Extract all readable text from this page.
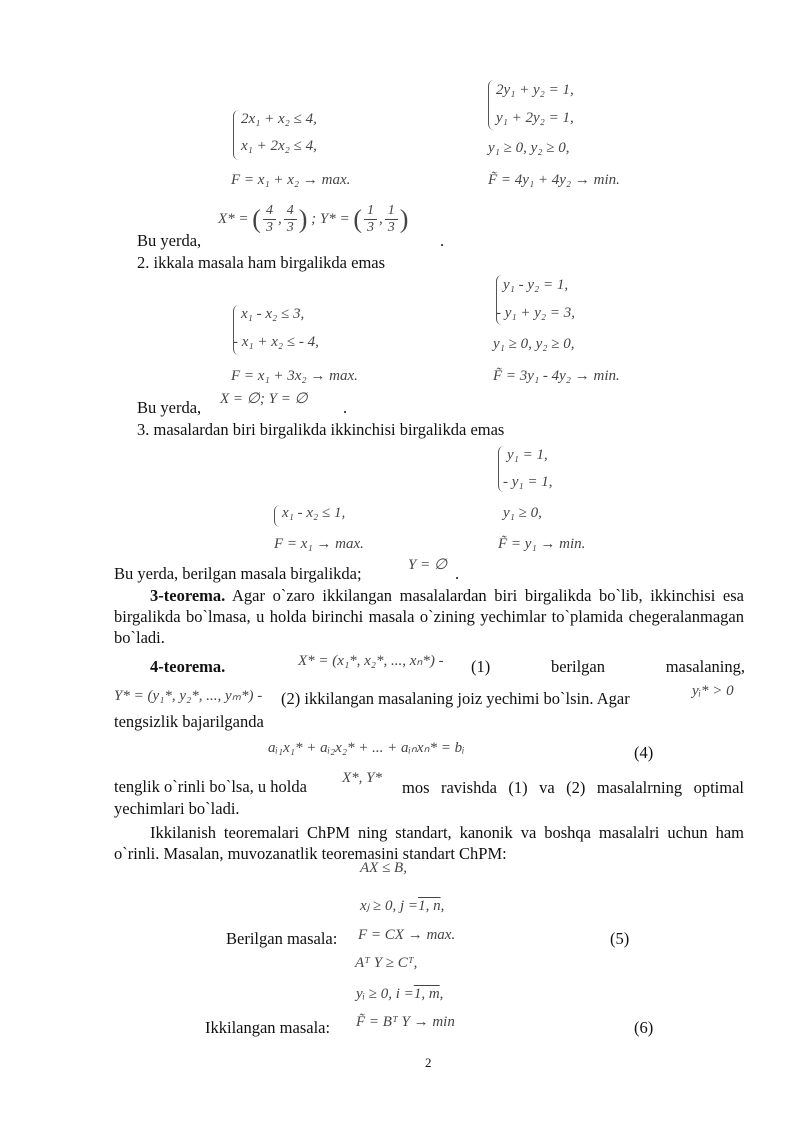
2x₁ + x₂ ≤ 4,
x₁ + 2x₂ ≤ 4,
F = x₁ + x₂ → max.
2y₁ + y₂ = 1,
y₁ + 2y₂ = 1,
y₁ ≥ 0, y₂ ≥ 0,
F̃ = 4y₁ + 4y₂ → min.
Bu yerda,
X* = ( $\frac{4}{3}$ , $\frac{4}{3}$ ) ; Y* = ( $\frac{1}{3}$ , $\frac{1}{3}$ )
.
2. ikkala masala ham birgalikda emas
x₁ - x₂ ≤ 3,
- x₁ + x₂ ≤ - 4,
F = x₁ + 3x₂ → max.
y₁ - y₂ = 1,
- y₁ + y₂ = 3,
y₁ ≥ 0, y₂ ≥ 0,
F̃ = 3y₁ - 4y₂ → min.
Bu yerda, X = ∅; Y = ∅ .
3. masalardan biri birgalikda ikkinchisi birgalikda emas
y₁ = 1,
- y₁ = 1,
y₁ ≥ 0,
F̃ = y₁ → min.
x₁ - x₂ ≤ 1,
F = x₁ → max.
Bu yerda, berilgan masala birgalikda;	Y = ∅ .
3-teorema. Agar o`zaro ikkilangan masalalardan biri birgalikda bo`lib, ikkinchisi esa birgalikda bo`lmasa, u holda birinchi masala o`zining yechimlar to`plamida chegeralanmagan bo`ladi.
4-teorema.	X* = (x₁*, x₂*, ..., xₙ*) - (1)        berilgan        masalaning,
Y* = (y₁*, y₂*, ..., yₘ*) - (2) ikkilangan masalaning joiz yechimi bo`lsin. Agar	yᵢ* > 0
tengsizlik bajarilganda
aᵢ₁x₁* + aᵢ₂x₂* + ... + aᵢₙxₙ* = bᵢ	(4)
tenglik o`rinli bo`lsa, u holda X*, Y*	mos ravishda (1) va (2) masalalrning optimal yechimlari bo`ladi.
Ikkilanish teoremalari ChPM ning standart, kanonik va boshqa masalalri uchun ham o`rinli. Masalan, muvozanatlik teoremasini standart ChPM:
AX ≤ B,
xⱼ ≥ 0, j =1, n,
Berilgan masala: F = CX → max.	(5)
Aᵀ Y ≥ Cᵀ,
yᵢ ≥ 0, i =1, m,
Ikkilangan masala: F̃ = Bᵀ Y → min	(6)
2
